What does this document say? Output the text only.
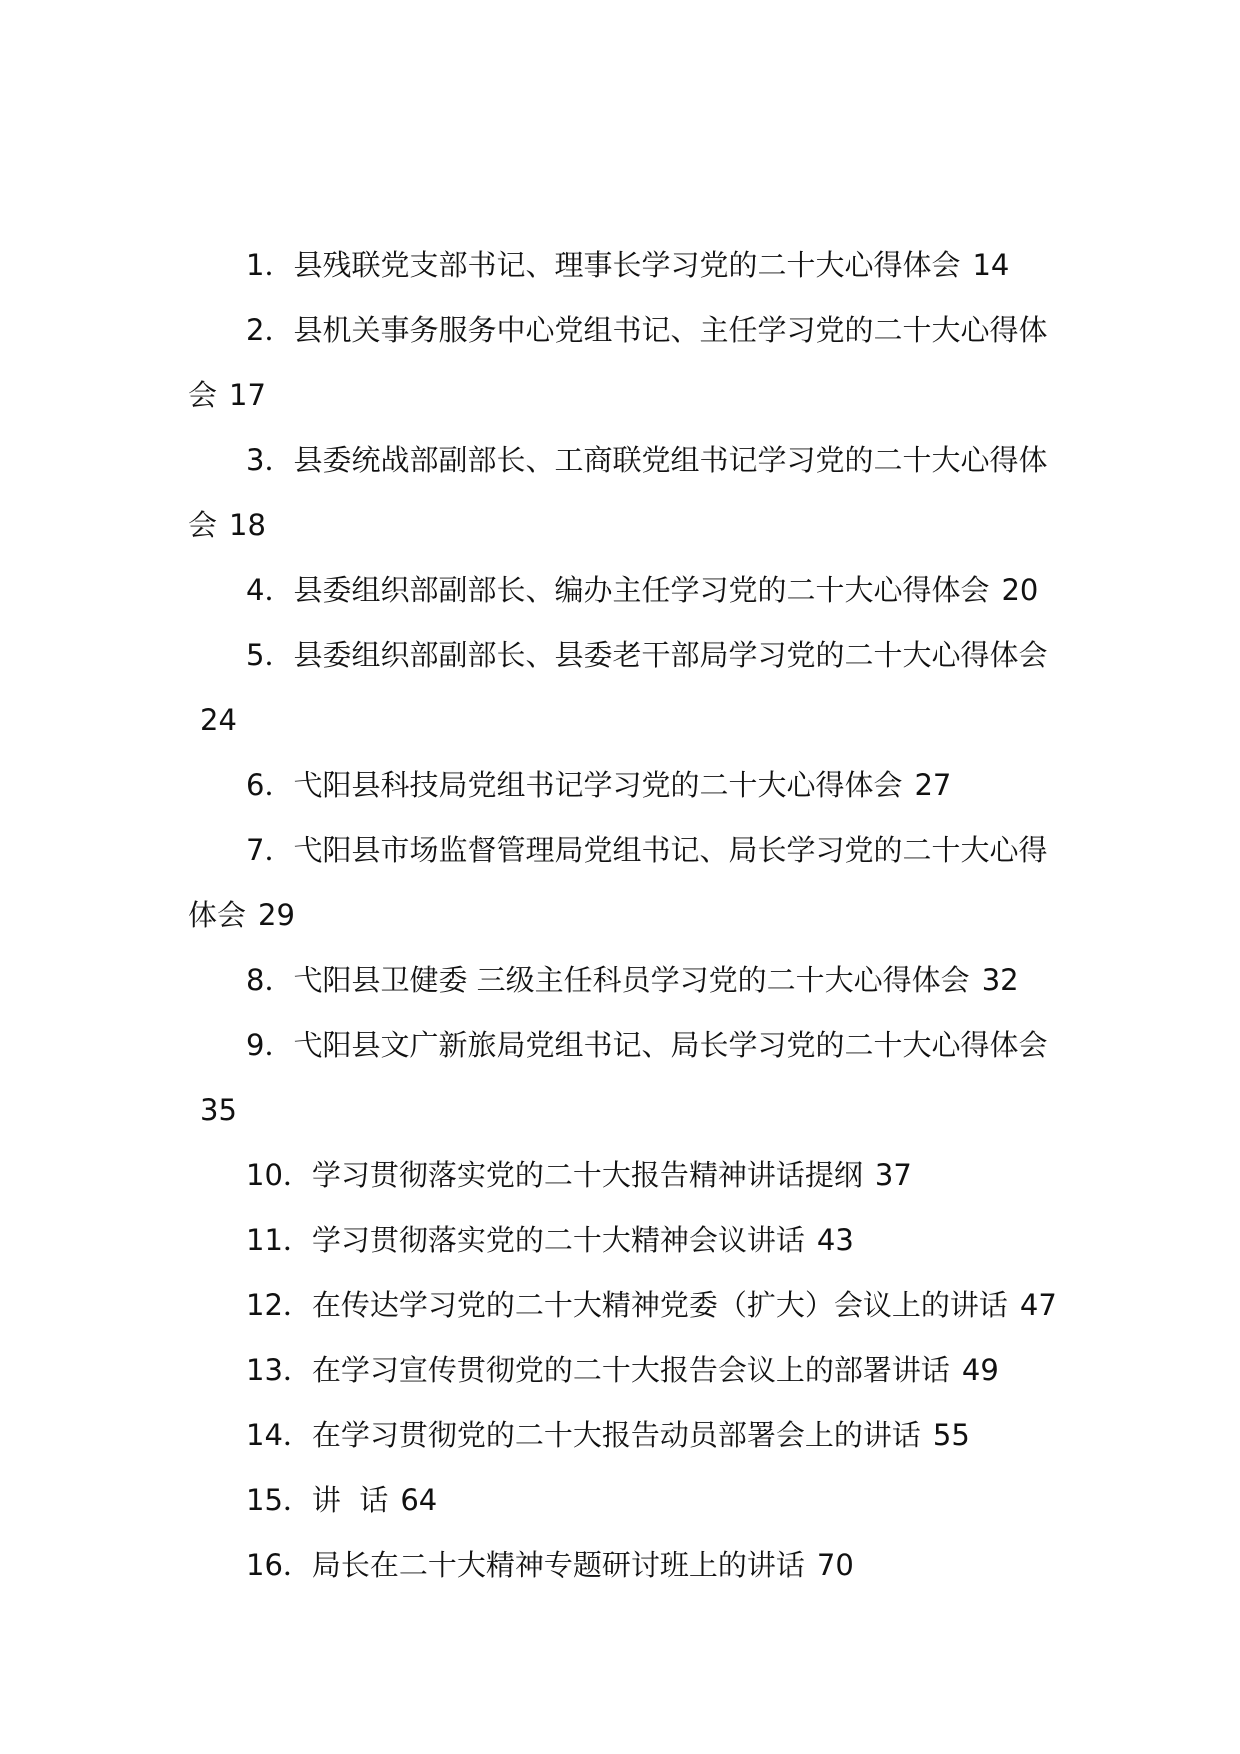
1．县残联党支部书记、理事长学习党的二十大心得体会 14
2．县机关事务服务中心党组书记、主任学习党的二十大心得体会 17
3．县委统战部副部长、工商联党组书记学习党的二十大心得体会 18
4．县委组织部副部长、编办主任学习党的二十大心得体会 20
5．县委组织部副部长、县委老干部局学习党的二十大心得体会24
6．弋阳县科技局党组书记学习党的二十大心得体会 27
7．弋阳县市场监督管理局党组书记、局长学习党的二十大心得体会 29
8．弋阳县卫健委 三级主任科员学习党的二十大心得体会 32
9．弋阳县文广新旅局党组书记、局长学习党的二十大心得体会35
10．学习贯彻落实党的二十大报告精神讲话提纲 37
11．学习贯彻落实党的二十大精神会议讲话 43
12．在传达学习党的二十大精神党委（扩大）会议上的讲话 47
13．在学习宣传贯彻党的二十大报告会议上的部署讲话 49
14．在学习贯彻党的二十大报告动员部署会上的讲话 55
15．讲  话 64
16．局长在二十大精神专题研讨班上的讲话 70
